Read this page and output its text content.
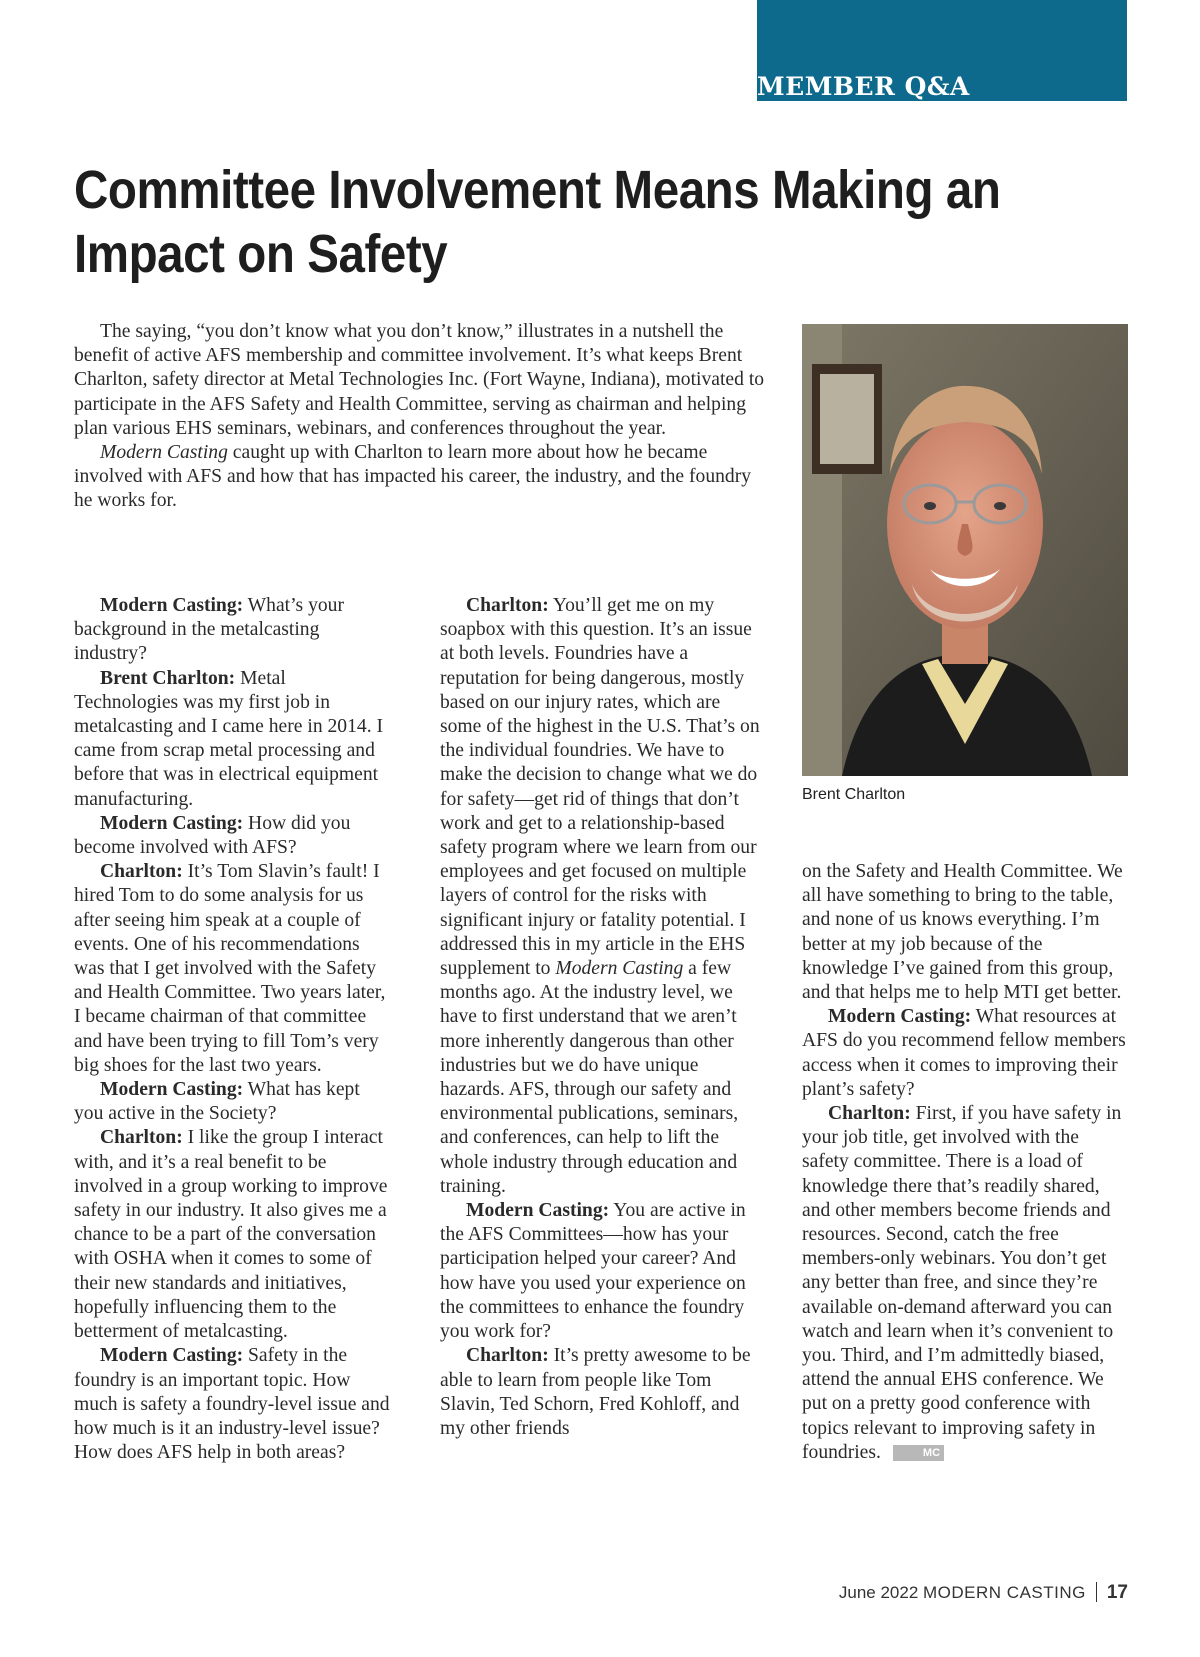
MEMBER Q&A
Committee Involvement Means Making an Impact on Safety

The saying, “you don’t know what you don’t know,” illustrates in a nutshell the benefit of active AFS membership and committee involvement. It’s what keeps Brent Charlton, safety director at Metal Technologies Inc. (Fort Wayne, Indiana), motivated to participate in the AFS Safety and Health Committee, serving as chairman and helping plan various EHS seminars, webinars, and conferences throughout the year.

Modern Casting caught up with Charlton to learn more about how he became involved with AFS and how that has impacted his career, the industry, and the foundry he works for.

Brent Charlton

Modern Casting: What’s your background in the metalcasting industry?

Brent Charlton: Metal Technologies was my first job in metalcasting and I came here in 2014. I came from scrap metal processing and before that was in electrical equipment manufacturing.

Modern Casting: How did you become involved with AFS?

Charlton: It’s Tom Slavin’s fault! I hired Tom to do some analysis for us after seeing him speak at a couple of events. One of his recommendations was that I get involved with the Safety and Health Committee. Two years later, I became chairman of that committee and have been trying to fill Tom’s very big shoes for the last two years.

Modern Casting: What has kept you active in the Society?

Charlton: I like the group I interact with, and it’s a real benefit to be involved in a group working to improve safety in our industry. It also gives me a chance to be a part of the conversation with OSHA when it comes to some of their new standards and initiatives, hopefully influencing them to the betterment of metalcasting.

Modern Casting: Safety in the foundry is an important topic. How much is safety a foundry-level issue and how much is it an industry-level issue? How does AFS help in both areas?

Charlton: You’ll get me on my soapbox with this question. It’s an issue at both levels. Foundries have a reputation for being dangerous, mostly based on our injury rates, which are some of the highest in the U.S. That’s on the individual foundries. We have to make the decision to change what we do for safety—get rid of things that don’t work and get to a relationship-based safety program where we learn from our employees and get focused on multiple layers of control for the risks with significant injury or fatality potential. I addressed this in my article in the EHS supplement to Modern Casting a few months ago. At the industry level, we have to first understand that we aren’t more inherently dangerous than other industries but we do have unique hazards. AFS, through our safety and environmental publications, seminars, and conferences, can help to lift the whole industry through education and training.

Modern Casting: You are active in the AFS Committees—how has your participation helped your career? And how have you used your experience on the committees to enhance the foundry you work for?

Charlton: It’s pretty awesome to be able to learn from people like Tom Slavin, Ted Schorn, Fred Kohloff, and my other friends

on the Safety and Health Committee. We all have something to bring to the table, and none of us knows everything. I’m better at my job because of the knowledge I’ve gained from this group, and that helps me to help MTI get better.

Modern Casting: What resources at AFS do you recommend fellow members access when it comes to improving their plant’s safety?

Charlton: First, if you have safety in your job title, get involved with the safety committee. There is a load of knowledge there that’s readily shared, and other members become friends and resources. Second, catch the free members-only webinars. You don’t get any better than free, and since they’re available on-demand afterward you can watch and learn when it’s convenient to you. Third, and I’m admittedly biased, attend the annual EHS conference. We put on a pretty good conference with topics relevant to improving safety in foundries.	MC

June 2022 MODERN CASTING 17
